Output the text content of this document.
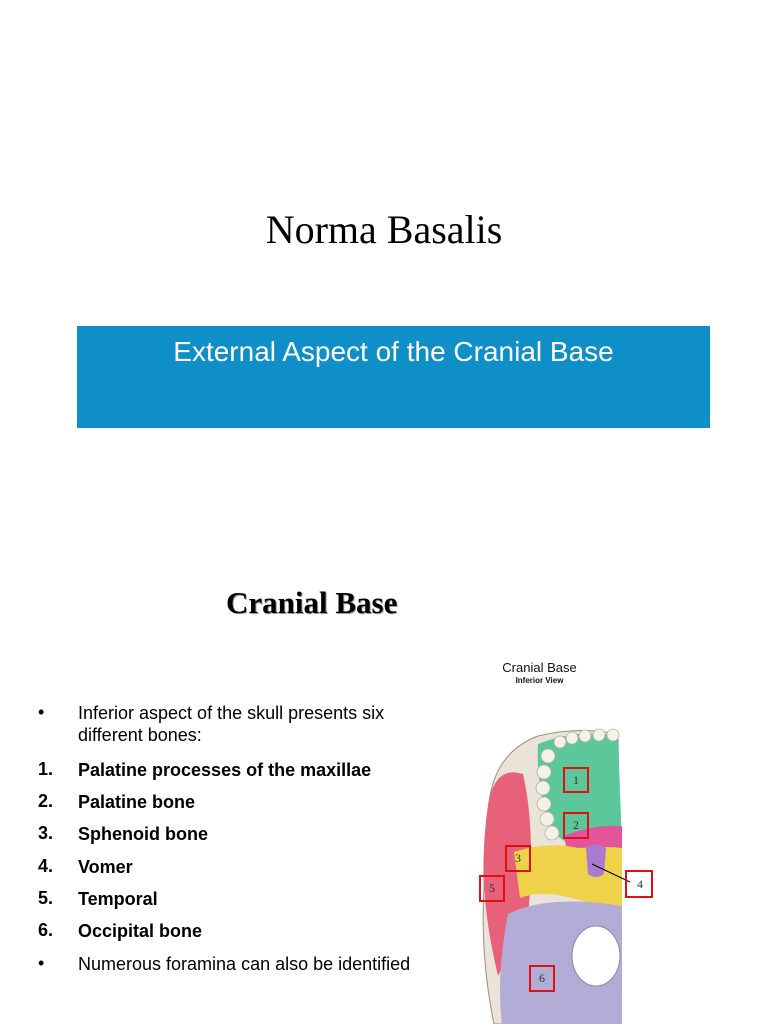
Norma Basalis
External Aspect of the Cranial Base
Cranial Base
• Inferior aspect of the skull presents six different bones:
1. Palatine processes of the maxillae
2. Palatine bone
3. Sphenoid bone
4. Vomer
5. Temporal
6. Occipital bone
• Numerous foramina can also be identified
1
2
3
4
5
6
Cranial Base
Inferior View
